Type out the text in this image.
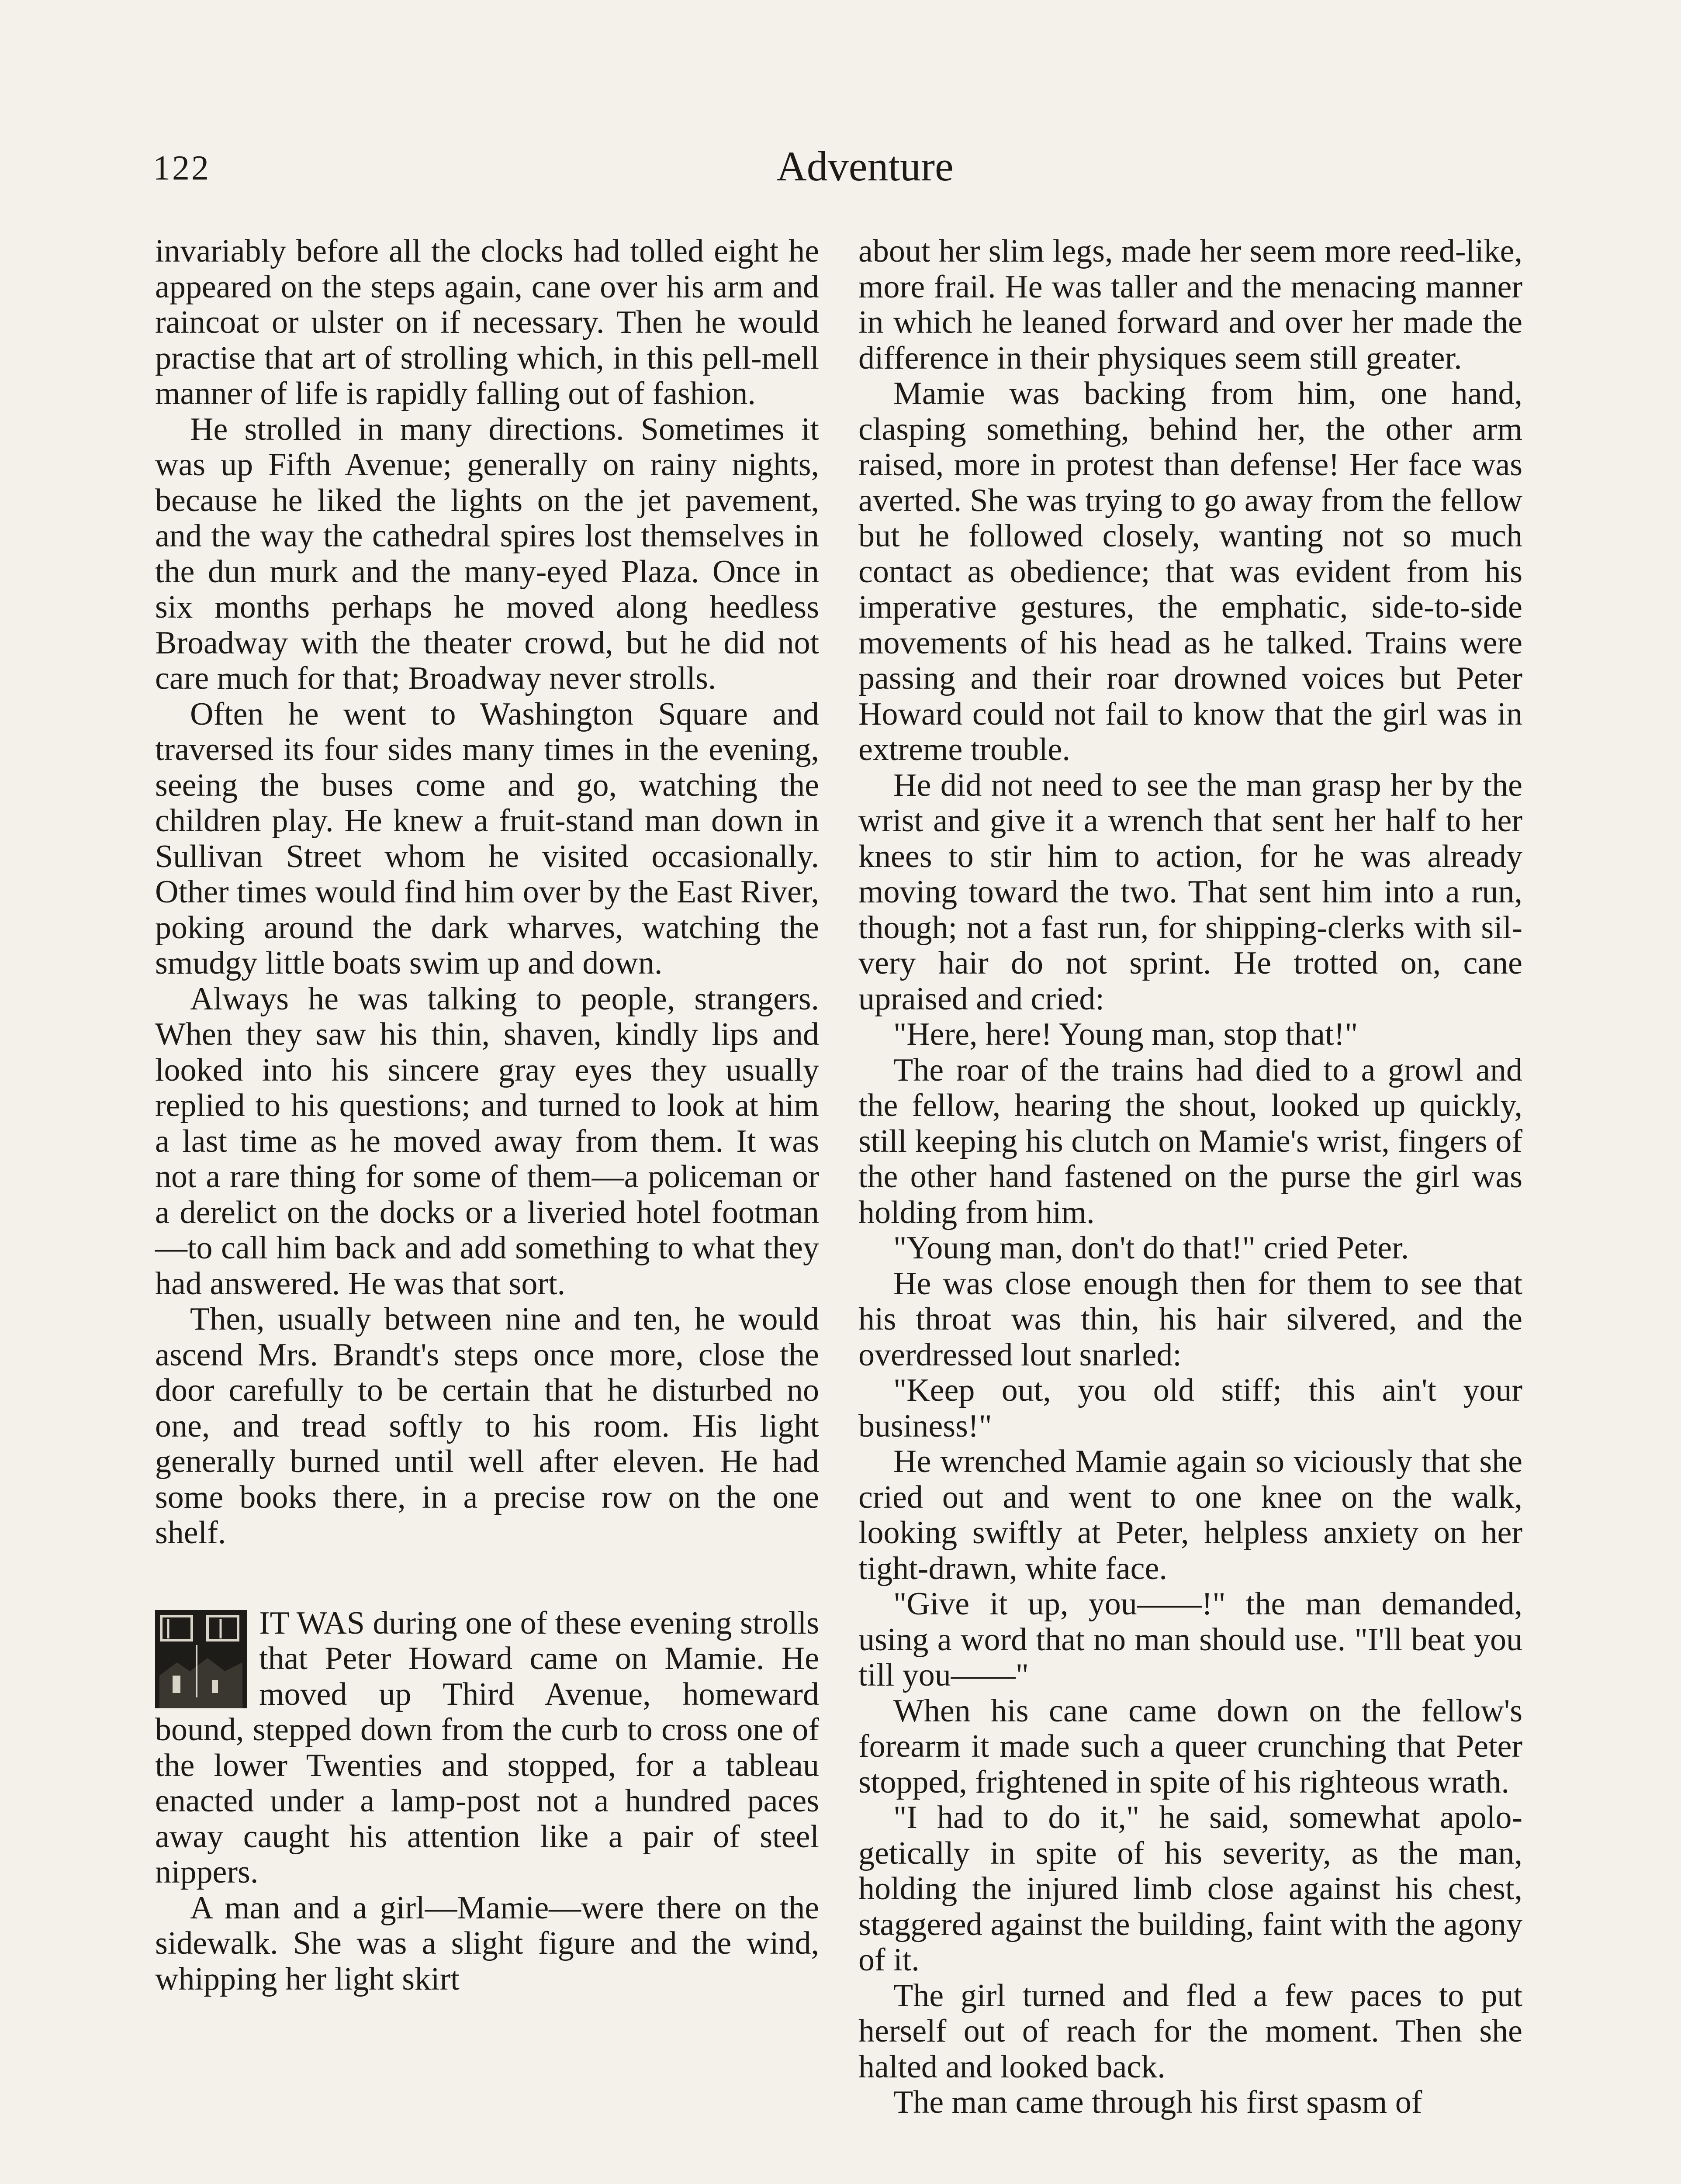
122	Adventure

invariably before all the clocks had tolled eight he appeared on the steps again, cane over his arm and raincoat or ulster on if necessary. Then he would practise that art of strolling which, in this pell-mell manner of life is rapidly falling out of fashion.

He strolled in many directions. Sometimes it was up Fifth Avenue; generally on rainy nights, because he liked the lights on the jet pavement, and the way the cathedral spires lost themselves in the dun murk and the many-eyed Plaza. Once in six months perhaps he moved along heedless Broadway with the theater crowd, but he did not care much for that; Broadway never strolls.

Often he went to Washington Square and traversed its four sides many times in the evening, seeing the buses come and go, watching the children play. He knew a fruit-stand man down in Sullivan Street whom he visited occasionally. Other times would find him over by the East River, poking around the dark wharves, watching the smudgy little boats swim up and down.

Always he was talking to people, strangers. When they saw his thin, shaven, kindly lips and looked into his sincere gray eyes they usually replied to his questions; and turned to look at him a last time as he moved away from them. It was not a rare thing for some of them—a policeman or a derelict on the docks or a liveried hotel footman—to call him back and add something to what they had answered. He was that sort.

Then, usually between nine and ten, he would ascend Mrs. Brandt's steps once more, close the door carefully to be certain that he disturbed no one, and tread softly to his room. His light generally burned until well after eleven. He had some books there, in a precise row on the one shelf.

IT WAS during one of these evening strolls that Peter Howard came on Mamie. He moved up Third Avenue, homeward bound, stepped down from the curb to cross one of the lower Twenties and stopped, for a tableau enacted under a lamp-post not a hundred paces away caught his attention like a pair of steel nippers.

A man and a girl—Mamie—were there on the sidewalk. She was a slight figure and the wind, whipping her light skirt

about her slim legs, made her seem more reed-like, more frail. He was taller and the menacing manner in which he leaned forward and over her made the difference in their physiques seem still greater.

Mamie was backing from him, one hand, clasping something, behind her, the other arm raised, more in protest than defense! Her face was averted. She was trying to go away from the fellow but he followed closely, wanting not so much contact as obedience; that was evident from his imperative gestures, the emphatic, side-to-side movements of his head as he talked. Trains were passing and their roar drowned voices but Peter Howard could not fail to know that the girl was in extreme trouble.

He did not need to see the man grasp her by the wrist and give it a wrench that sent her half to her knees to stir him to action, for he was already moving toward the two. That sent him into a run, though; not a fast run, for shipping-clerks with silvery hair do not sprint. He trotted on, cane upraised and cried:

"Here, here! Young man, stop that!"

The roar of the trains had died to a growl and the fellow, hearing the shout, looked up quickly, still keeping his clutch on Mamie's wrist, fingers of the other hand fastened on the purse the girl was holding from him.

"Young man, don't do that!" cried Peter.

He was close enough then for them to see that his throat was thin, his hair silvered, and the overdressed lout snarled:

"Keep out, you old stiff; this ain't your business!"

He wrenched Mamie again so viciously that she cried out and went to one knee on the walk, looking swiftly at Peter, helpless anxiety on her tight-drawn, white face.

"Give it up, you——!" the man demanded, using a word that no man should use. "I'll beat you till you——"

When his cane came down on the fellow's forearm it made such a queer crunching that Peter stopped, frightened in spite of his righteous wrath.

"I had to do it," he said, somewhat apologetically in spite of his severity, as the man, holding the injured limb close against his chest, staggered against the building, faint with the agony of it.

The girl turned and fled a few paces to put herself out of reach for the moment. Then she halted and looked back.

The man came through his first spasm of
